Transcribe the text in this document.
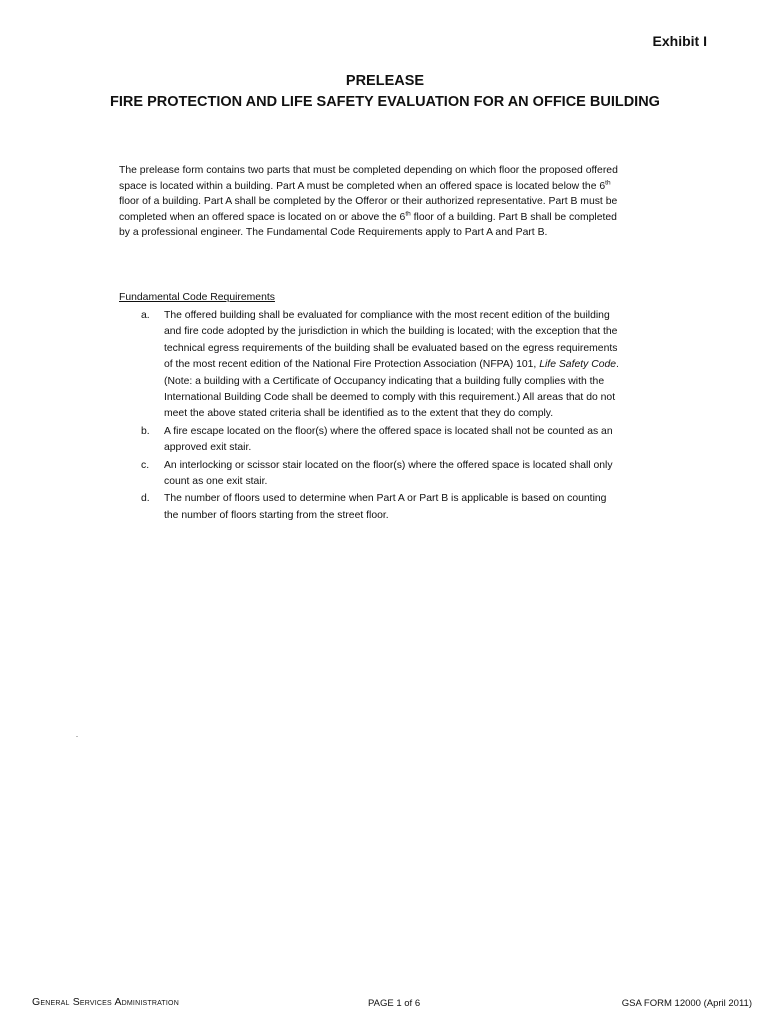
Exhibit I
PRELEASE
FIRE PROTECTION AND LIFE SAFETY EVALUATION FOR AN OFFICE BUILDING

The prelease form contains two parts that must be completed depending on which floor the proposed offered space is located within a building. Part A must be completed when an offered space is located below the 6th floor of a building. Part A shall be completed by the Offeror or their authorized representative. Part B must be completed when an offered space is located on or above the 6th floor of a building. Part B shall be completed by a professional engineer. The Fundamental Code Requirements apply to Part A and Part B.

Fundamental Code Requirements
a. The offered building shall be evaluated for compliance with the most recent edition of the building and fire code adopted by the jurisdiction in which the building is located; with the exception that the technical egress requirements of the building shall be evaluated based on the egress requirements of the most recent edition of the National Fire Protection Association (NFPA) 101, Life Safety Code. (Note: a building with a Certificate of Occupancy indicating that a building fully complies with the International Building Code shall be deemed to comply with this requirement.) All areas that do not meet the above stated criteria shall be identified as to the extent that they do comply.
b. A fire escape located on the floor(s) where the offered space is located shall not be counted as an approved exit stair.
c. An interlocking or scissor stair located on the floor(s) where the offered space is located shall only count as one exit stair.
d. The number of floors used to determine when Part A or Part B is applicable is based on counting the number of floors starting from the street floor.
General Services Administration	PAGE 1 of 6	GSA FORM 12000 (April 2011)
